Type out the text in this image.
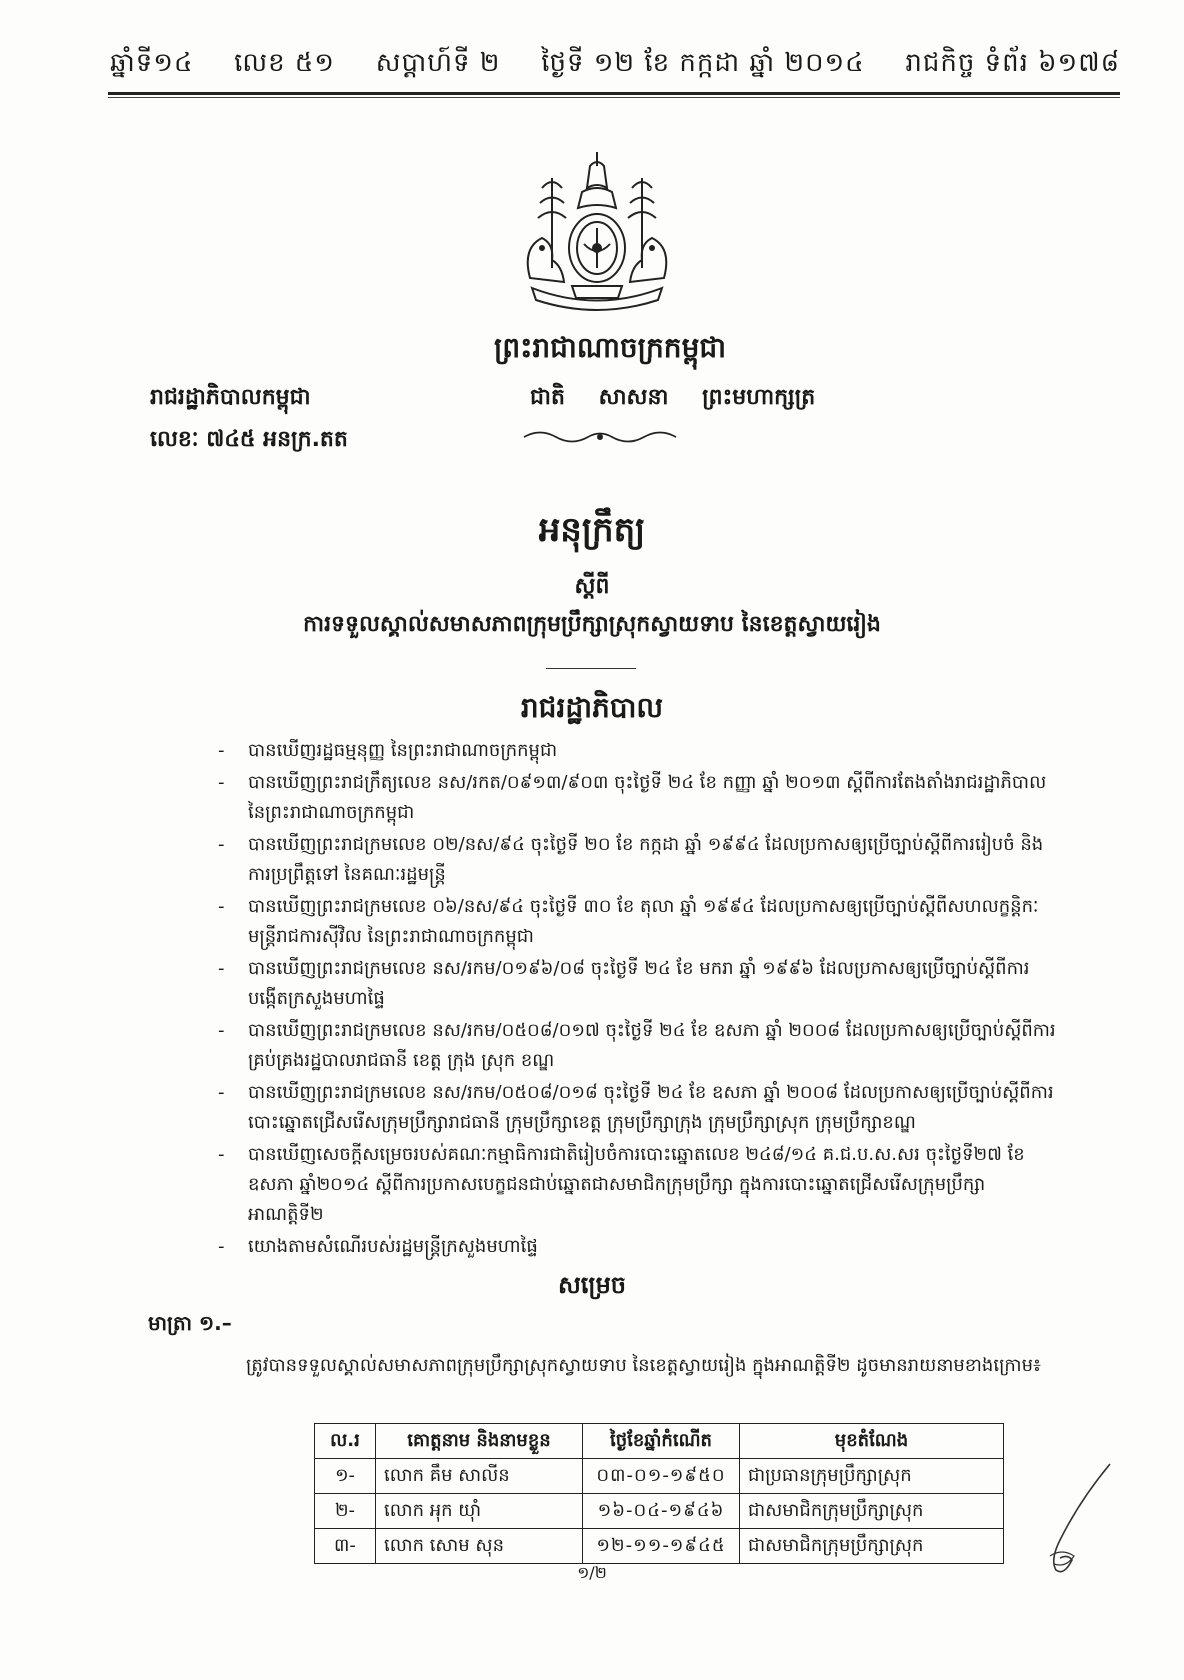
ឆ្នាំទី១៤ លេខ ៥១ សប្តាហ៍ទី ២ ថ្ងៃទី ១២ ខែ កក្កដា ឆ្នាំ ២០១៤ រាជកិច្ច ទំព័រ ៦១៧៨
ព្រះរាជាណាចក្រកម្ពុជា
រាជរដ្ឋាភិបាលកម្ពុជា	ជាតិ សាសនា ព្រះមហាក្សត្រ
លេខៈ ៧៤៥ អនក្រ.តត
អនុក្រឹត្យ
ស្តីពី
ការទទួលស្គាល់សមាសភាពក្រុមប្រឹក្សាស្រុកស្វាយទាប នៃខេត្តស្វាយរៀង
រាជរដ្ឋាភិបាល
- បានឃើញរដ្ឋធម្មនុញ្ញ នៃព្រះរាជាណាចក្រកម្ពុជា
- បានឃើញព្រះរាជក្រឹត្យលេខ នស/រកត/០៩១៣/៩០៣ ចុះថ្ងៃទី ២៤ ខែ កញ្ញា ឆ្នាំ ២០១៣ ស្តីពីការតែងតាំងរាជរដ្ឋាភិបាល នៃព្រះរាជាណាចក្រកម្ពុជា
- បានឃើញព្រះរាជក្រមលេខ ០២/នស/៩៤ ចុះថ្ងៃទី ២០ ខែ កក្កដា ឆ្នាំ ១៩៩៤ ដែលប្រកាសឲ្យប្រើច្បាប់ស្តីពីការរៀបចំ និងការប្រព្រឹត្តទៅ នៃគណៈរដ្ឋមន្ត្រី
- បានឃើញព្រះរាជក្រមលេខ ០៦/នស/៩៤ ចុះថ្ងៃទី ៣០ ខែ តុលា ឆ្នាំ ១៩៩៤ ដែលប្រកាសឲ្យប្រើច្បាប់ស្តីពីសហលក្ខន្តិកៈមន្ត្រីរាជការស៊ីវិល នៃព្រះរាជាណាចក្រកម្ពុជា
- បានឃើញព្រះរាជក្រមលេខ នស/រកម/០១៩៦/០៨ ចុះថ្ងៃទី ២៤ ខែ មករា ឆ្នាំ ១៩៩៦ ដែលប្រកាសឲ្យប្រើច្បាប់ស្តីពីការបង្កើតក្រសួងមហាផ្ទៃ
- បានឃើញព្រះរាជក្រមលេខ នស/រកម/០៥០៨/០១៧ ចុះថ្ងៃទី ២៤ ខែ ឧសភា ឆ្នាំ ២០០៨ ដែលប្រកាសឲ្យប្រើច្បាប់ស្តីពីការគ្រប់គ្រងរដ្ឋបាលរាជធានី ខេត្ត ក្រុង ស្រុក ខណ្ឌ
- បានឃើញព្រះរាជក្រមលេខ នស/រកម/០៥០៨/០១៨ ចុះថ្ងៃទី ២៤ ខែ ឧសភា ឆ្នាំ ២០០៨ ដែលប្រកាសឲ្យប្រើច្បាប់ស្តីពីការបោះឆ្នោតជ្រើសរើសក្រុមប្រឹក្សារាជធានី ក្រុមប្រឹក្សាខេត្ត ក្រុមប្រឹក្សាក្រុង ក្រុមប្រឹក្សាស្រុក ក្រុមប្រឹក្សាខណ្ឌ
- បានឃើញសេចក្តីសម្រេចរបស់គណៈកម្មាធិការជាតិរៀបចំការបោះឆ្នោតលេខ ២៤៨/១៤ គ.ជ.ប.ស.សរ ចុះថ្ងៃទី២៧ ខែឧសភា ឆ្នាំ២០១៤ ស្តីពីការប្រកាសបេក្ខជនជាប់ឆ្នោតជាសមាជិកក្រុមប្រឹក្សា ក្នុងការបោះឆ្នោតជ្រើសរើសក្រុមប្រឹក្សា អាណត្តិទី២
- យោងតាមសំណើរបស់រដ្ឋមន្ត្រីក្រសួងមហាផ្ទៃ
សម្រេច
មាត្រា ១.–
ត្រូវបានទទួលស្គាល់សមាសភាពក្រុមប្រឹក្សាស្រុកស្វាយទាប នៃខេត្តស្វាយរៀង ក្នុងអាណត្តិទី២ ដូចមានរាយនាមខាងក្រោម៖
ល.រ	គោត្តនាម និងនាមខ្លួន	ថ្ងៃខែឆ្នាំកំណើត	មុខតំណែង
១-	លោក គឹម សាលីន	០៣-០១-១៩៥០	ជាប្រធានក្រុមប្រឹក្សាស្រុក
២-	លោក អុក យ៉ាំ	១៦-០៤-១៩៤៦	ជាសមាជិកក្រុមប្រឹក្សាស្រុក
៣-	លោក សោម សុន	១២-១១-១៩៤៥	ជាសមាជិកក្រុមប្រឹក្សាស្រុក
១/២
